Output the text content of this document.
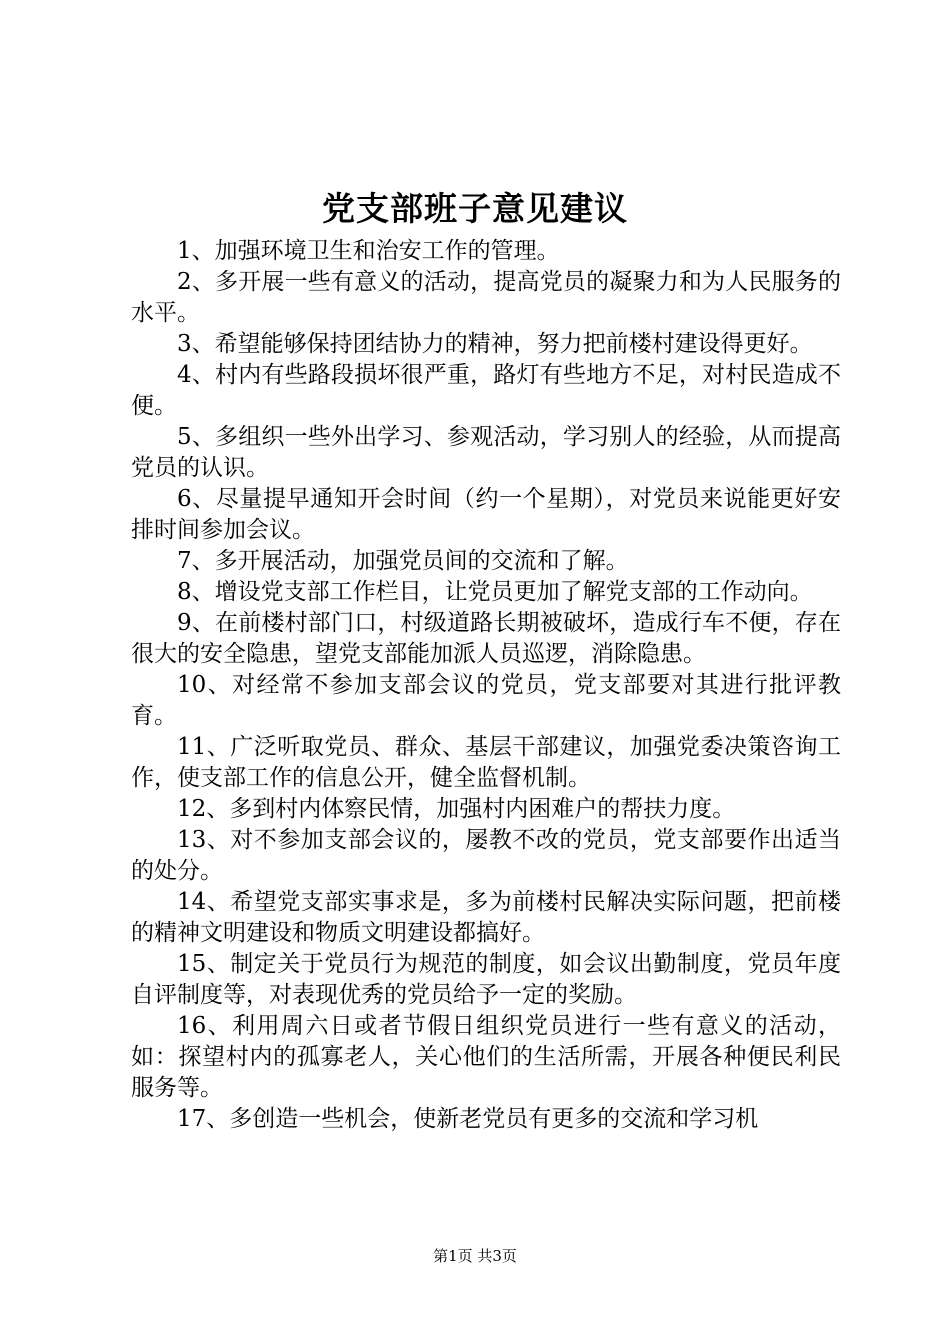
党支部班子意见建议

1、加强环境卫生和治安工作的管理。

2、多开展一些有意义的活动，提高党员的凝聚力和为人民服务的水平。

3、希望能够保持团结协力的精神，努力把前楼村建设得更好。

4、村内有些路段损坏很严重，路灯有些地方不足，对村民造成不便。

5、多组织一些外出学习、参观活动，学习别人的经验，从而提高党员的认识。

6、尽量提早通知开会时间（约一个星期），对党员来说能更好安排时间参加会议。

7、多开展活动，加强党员间的交流和了解。

8、增设党支部工作栏目，让党员更加了解党支部的工作动向。

9、在前楼村部门口，村级道路长期被破坏，造成行车不便，存在很大的安全隐患，望党支部能加派人员巡逻，消除隐患。

10、对经常不参加支部会议的党员，党支部要对其进行批评教育。

11、广泛听取党员、群众、基层干部建议，加强党委决策咨询工作，使支部工作的信息公开，健全监督机制。

12、多到村内体察民情，加强村内困难户的帮扶力度。

13、对不参加支部会议的，屡教不改的党员，党支部要作出适当的处分。

14、希望党支部实事求是，多为前楼村民解决实际问题，把前楼的精神文明建设和物质文明建设都搞好。

15、制定关于党员行为规范的制度，如会议出勤制度，党员年度自评制度等，对表现优秀的党员给予一定的奖励。

16、利用周六日或者节假日组织党员进行一些有意义的活动，如：探望村内的孤寡老人，关心他们的生活所需，开展各种便民利民服务等。

17、多创造一些机会，使新老党员有更多的交流和学习机

第1页 共3页
